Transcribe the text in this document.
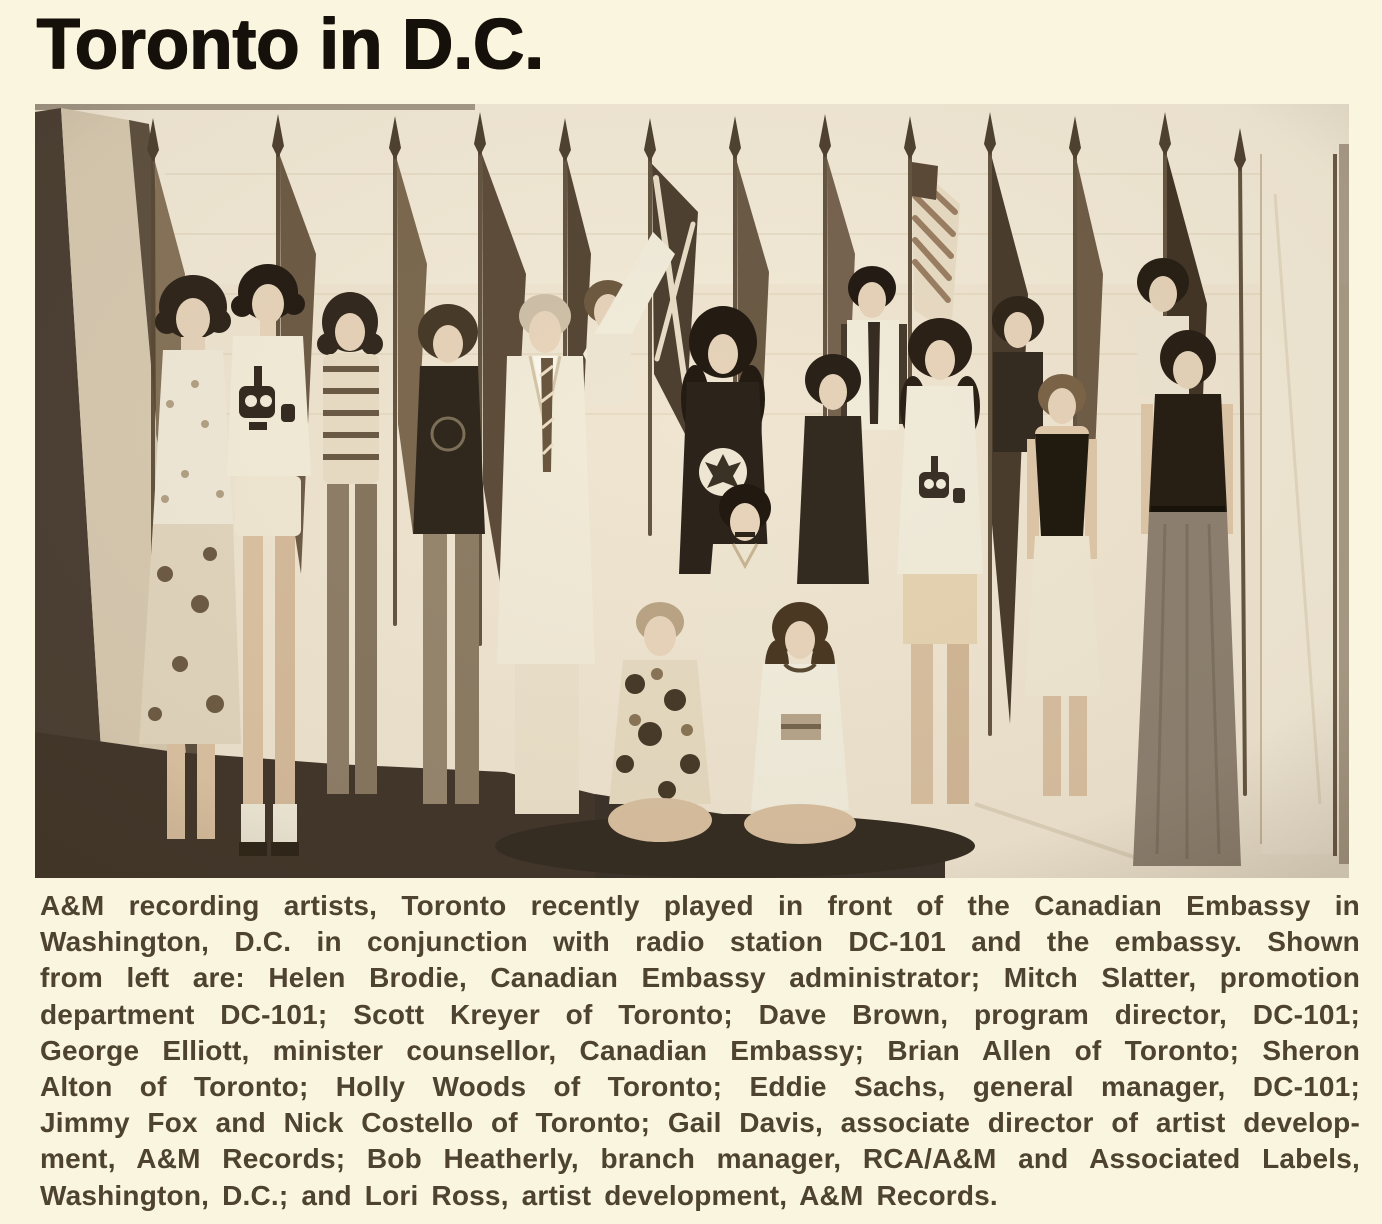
Toronto in D.C.
A&M recording artists, Toronto recently played in front of the Canadian Embassy in
Washington, D.C. in conjunction with radio station DC-101 and the embassy. Shown
from left are: Helen Brodie, Canadian Embassy administrator; Mitch Slatter, promotion
department DC-101; Scott Kreyer of Toronto; Dave Brown, program director, DC-101;
George Elliott, minister counsellor, Canadian Embassy; Brian Allen of Toronto; Sheron
Alton of Toronto; Holly Woods of Toronto; Eddie Sachs, general manager, DC-101;
Jimmy Fox and Nick Costello of Toronto; Gail Davis, associate director of artist develop-
ment, A&M Records; Bob Heatherly, branch manager, RCA/A&M and Associated Labels,
Washington, D.C.; and Lori Ross, artist development, A&M Records.
